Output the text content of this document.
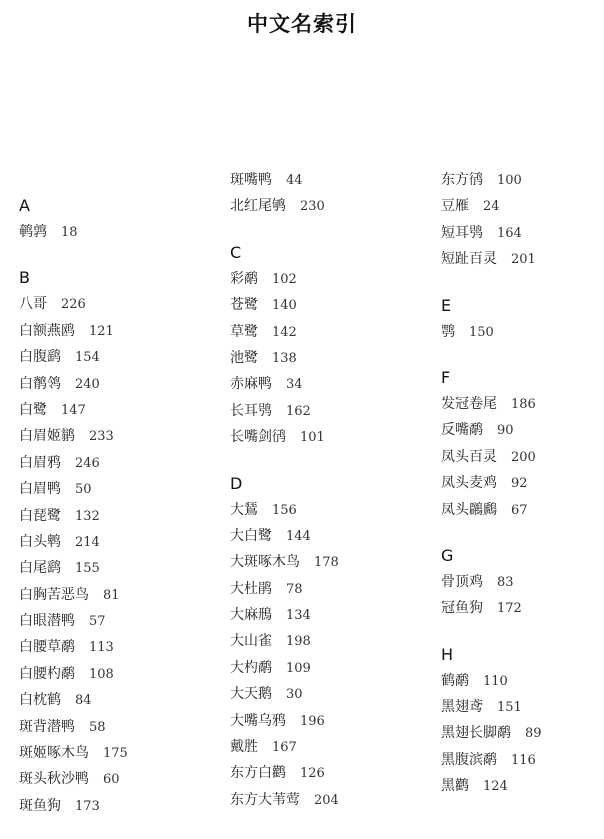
中文名索引
A
鹌鹑 18
B
八哥 226
白额燕鸥 121
白腹鹞 154
白鹡鸰 240
白鹭 147
白眉姬鹟 233
白眉鸦 246
白眉鸭 50
白琵鹭 132
白头鹎 214
白尾鹞 155
白胸苦恶鸟 81
白眼潜鸭 57
白腰草鹬 113
白腰杓鹬 108
白枕鹤 84
斑背潜鸭 58
斑姬啄木鸟 175
斑头秋沙鸭 60
斑鱼狗 173
斑嘴鸭 44
北红尾鸲 230
C
彩鹬 102
苍鹭 140
草鹭 142
池鹭 138
赤麻鸭 34
长耳鸮 162
长嘴剑鸻 101
D
大鵟 156
大白鹭 144
大斑啄木鸟 178
大杜鹃 78
大麻鳽 134
大山雀 198
大杓鹬 109
大天鹅 30
大嘴乌鸦 196
戴胜 167
东方白鹳 126
东方大苇莺 204
东方鸻 100
豆雁 24
短耳鸮 164
短趾百灵 201
E
鹗 150
F
发冠卷尾 186
反嘴鹬 90
凤头百灵 200
凤头麦鸡 92
凤头鸊鷉 67
G
骨顶鸡 83
冠鱼狗 172
H
鹤鹬 110
黑翅鸢 151
黑翅长脚鹬 89
黑腹滨鹬 116
黑鹳 124
